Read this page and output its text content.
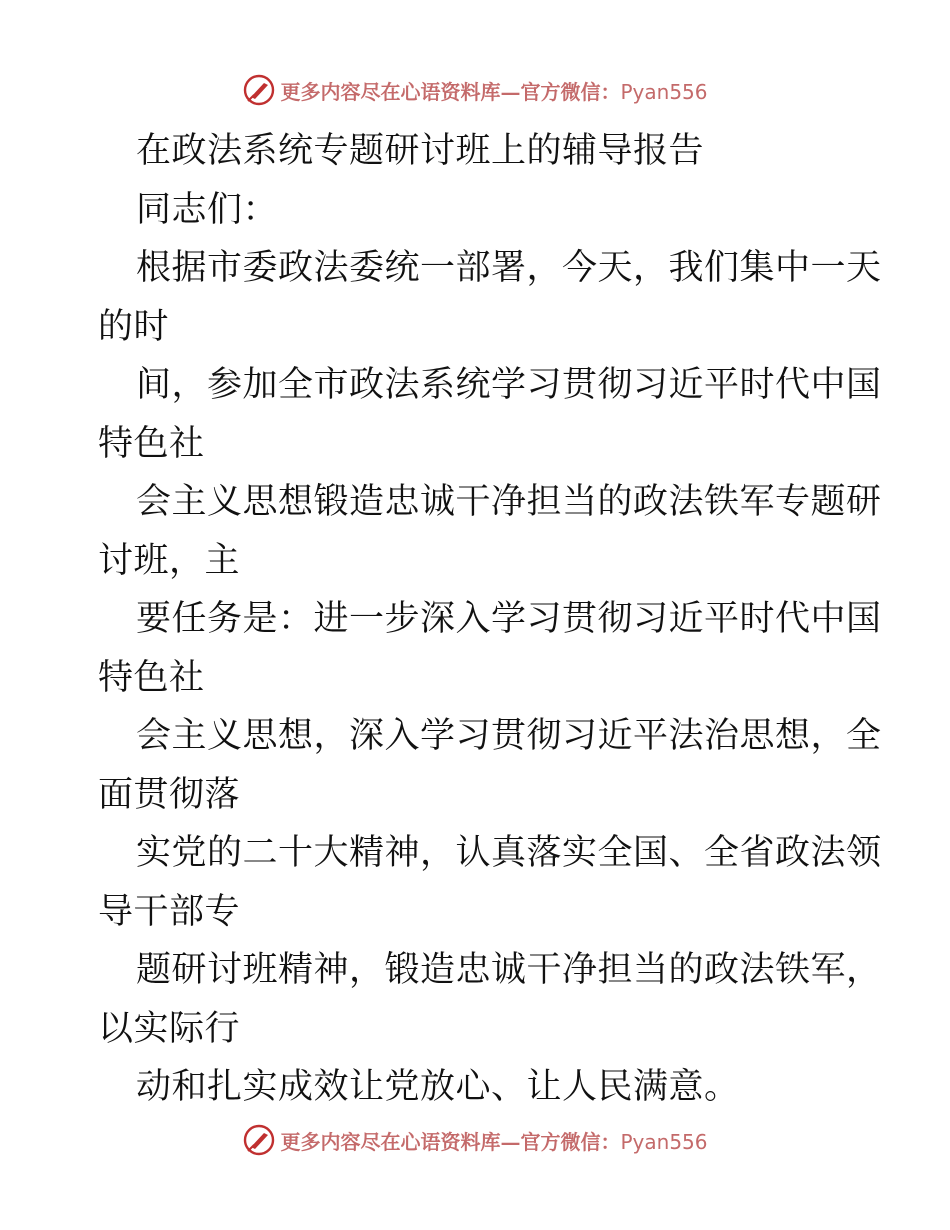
更多内容尽在心语资料库—官方微信：Pyan556
在政法系统专题研讨班上的辅导报告
同志们：
根据市委政法委统一部署，今天，我们集中一天
的时
间，参加全市政法系统学习贯彻习近平时代中国
特色社
会主义思想锻造忠诚干净担当的政法铁军专题研
讨班，主
要任务是：进一步深入学习贯彻习近平时代中国
特色社
会主义思想，深入学习贯彻习近平法治思想，全
面贯彻落
实党的二十大精神，认真落实全国、全省政法领
导干部专
题研讨班精神，锻造忠诚干净担当的政法铁军，
以实际行
动和扎实成效让党放心、让人民满意。
更多内容尽在心语资料库—官方微信：Pyan556
